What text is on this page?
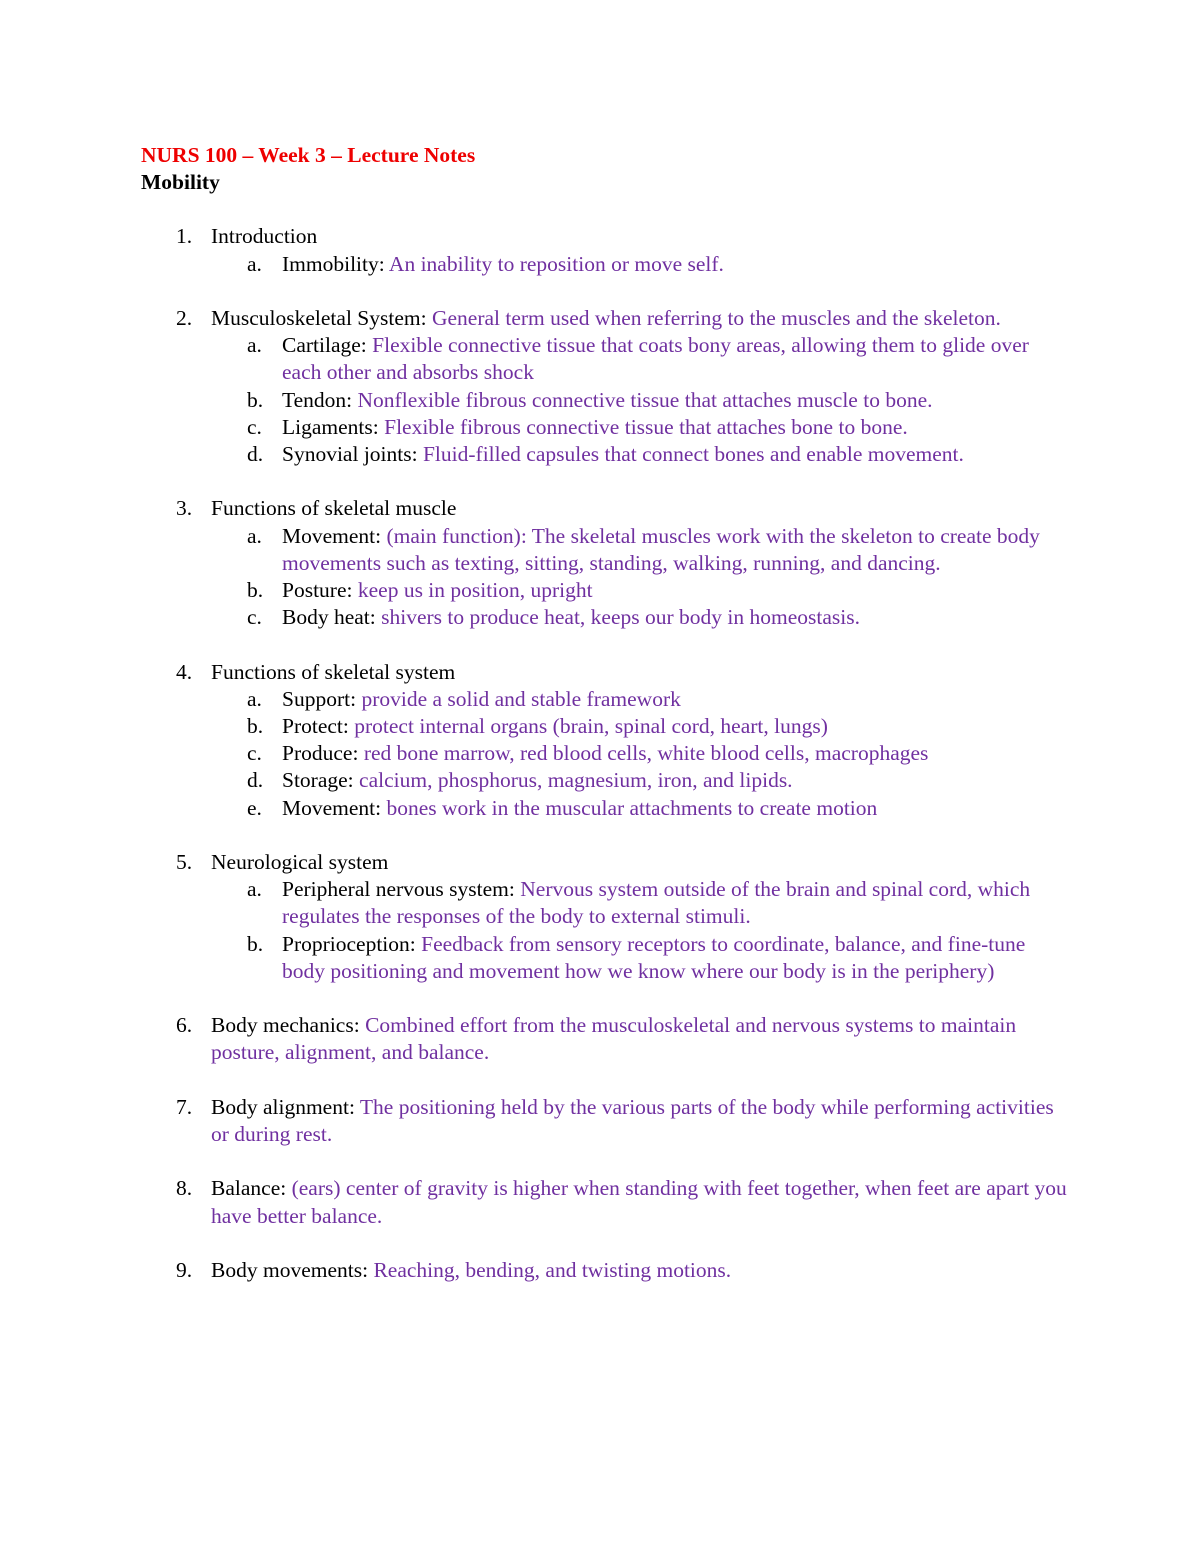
NURS 100 – Week 3 – Lecture Notes
Mobility
1. Introduction
a. Immobility: An inability to reposition or move self.
2. Musculoskeletal System: General term used when referring to the muscles and the skeleton.
a. Cartilage: Flexible connective tissue that coats bony areas, allowing them to glide over each other and absorbs shock
b. Tendon: Nonflexible fibrous connective tissue that attaches muscle to bone.
c. Ligaments: Flexible fibrous connective tissue that attaches bone to bone.
d. Synovial joints: Fluid-filled capsules that connect bones and enable movement.
3. Functions of skeletal muscle
a. Movement: (main function): The skeletal muscles work with the skeleton to create body movements such as texting, sitting, standing, walking, running, and dancing.
b. Posture: keep us in position, upright
c. Body heat: shivers to produce heat, keeps our body in homeostasis.
4. Functions of skeletal system
a. Support: provide a solid and stable framework
b. Protect: protect internal organs (brain, spinal cord, heart, lungs)
c. Produce: red bone marrow, red blood cells, white blood cells, macrophages
d. Storage: calcium, phosphorus, magnesium, iron, and lipids.
e. Movement: bones work in the muscular attachments to create motion
5. Neurological system
a. Peripheral nervous system: Nervous system outside of the brain and spinal cord, which regulates the responses of the body to external stimuli.
b. Proprioception: Feedback from sensory receptors to coordinate, balance, and fine-tune body positioning and movement how we know where our body is in the periphery)
6. Body mechanics: Combined effort from the musculoskeletal and nervous systems to maintain posture, alignment, and balance.
7. Body alignment: The positioning held by the various parts of the body while performing activities or during rest.
8. Balance: (ears) center of gravity is higher when standing with feet together, when feet are apart you have better balance.
9. Body movements: Reaching, bending, and twisting motions.
